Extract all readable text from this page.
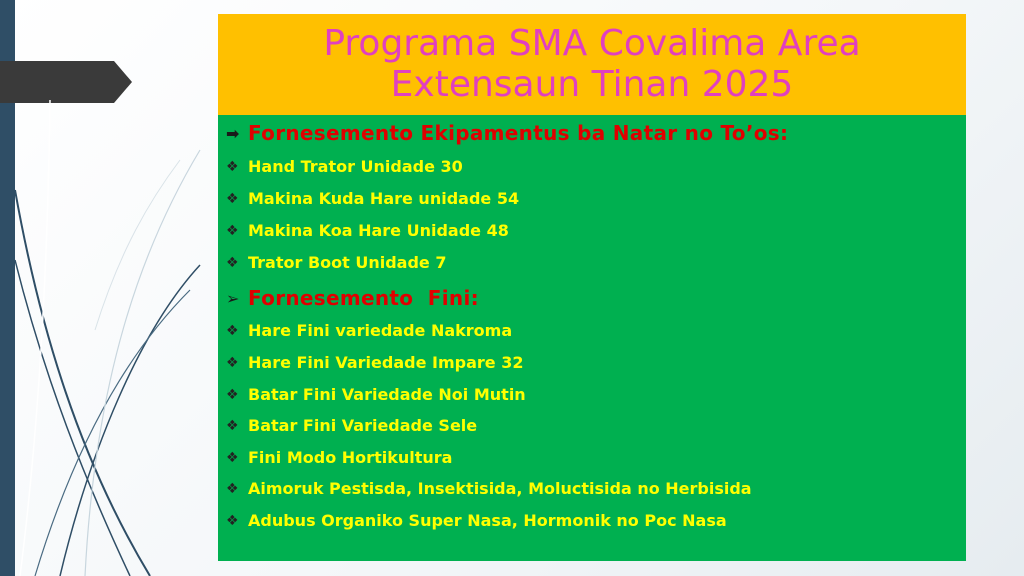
Programa SMA Covalima Area
Extensaun Tinan 2025
➡ Fornesemento Ekipamentus ba Natar no To’os:
❖ Hand Trator Unidade 30
❖ Makina Kuda Hare unidade 54
❖ Makina Koa Hare Unidade 48
❖ Trator Boot Unidade 7
➢ Fornesemento  Fini:
❖ Hare Fini variedade Nakroma
❖ Hare Fini Variedade Impare 32
❖ Batar Fini Variedade Noi Mutin
❖ Batar Fini Variedade Sele
❖ Fini Modo Hortikultura
❖ Aimoruk Pestisda, Insektisida, Moluctisida no Herbisida
❖ Adubus Organiko Super Nasa, Hormonik no Poc Nasa
